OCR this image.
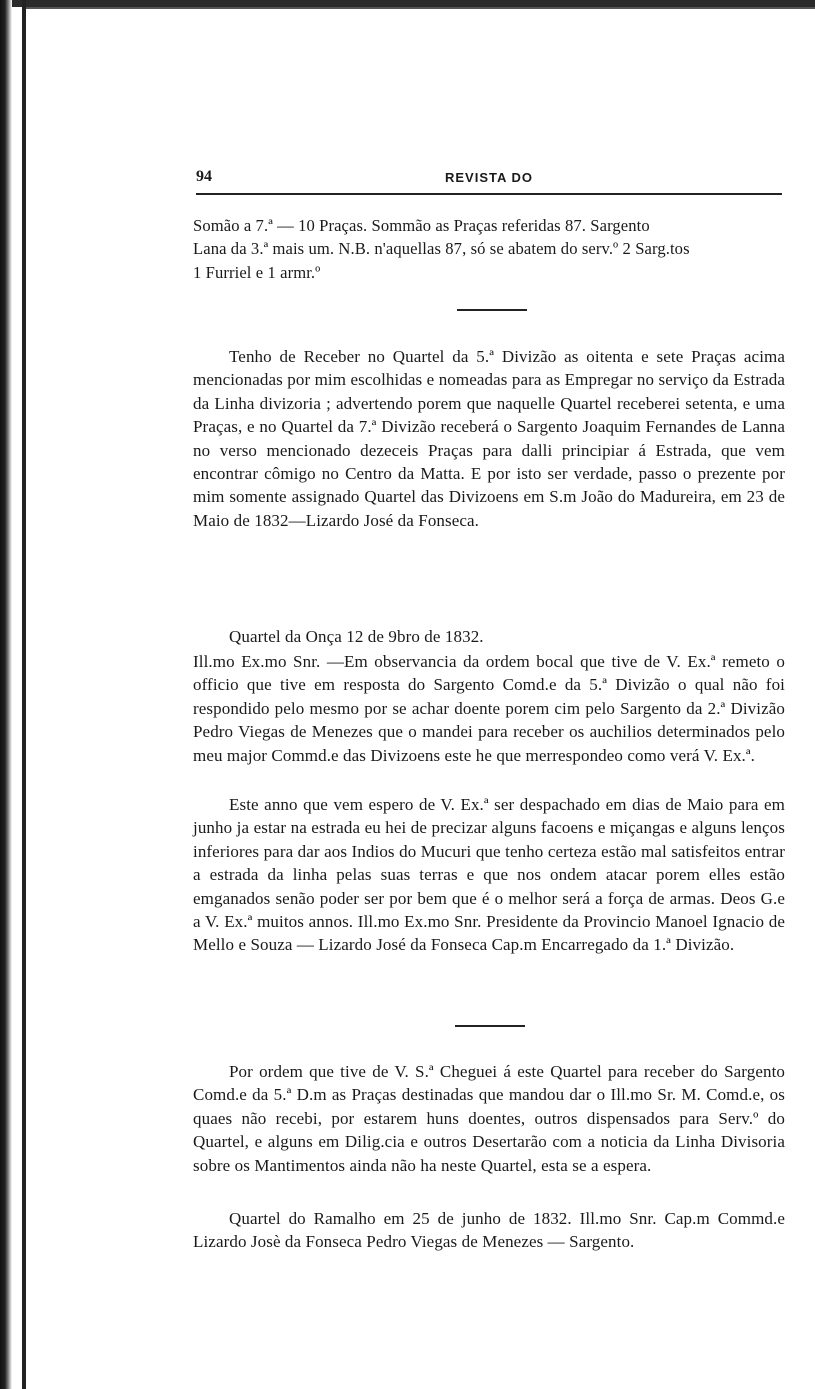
94	REVISTA DO

Somão a 7.ª — 10 Praças. Sommão as Praças referidas 87. Sargento
Lana da 3.ª mais um. N.B. n'aquellas 87, só se abatem do serv.º 2 Sarg.tos
1 Furriel e 1 armr.º

Tenho de Receber no Quartel da 5.ª Divizão as oitenta e sete Praças acima mencionadas por mim escolhidas e nomeadas para as Empregar no serviço da Estrada da Linha divizoria ; advertendo porem que naquelle Quartel receberei setenta, e uma Praças, e no Quartel da 7.ª Divizão receberá o Sargento Joaquim Fernandes de Lanna no verso mencionado dezeceis Praças para dalli principiar á Estrada, que vem encontrar cômigo no Centro da Matta. E por isto ser verdade, passo o prezente por mim somente assignado Quartel das Divizoens em S.m João do Madureira, em 23 de Maio de 1832—Lizardo José da Fonseca.

Quartel da Onça 12 de 9bro de 1832.

Ill.mo Ex.mo Snr. —Em observancia da ordem bocal que tive de V. Ex.ª remeto o officio que tive em resposta do Sargento Comd.e da 5.ª Divizão o qual não foi respondido pelo mesmo por se achar doente porem cim pelo Sargento da 2.ª Divizão Pedro Viegas de Menezes que o mandei para receber os auchilios determinados pelo meu major Commd.e das Divizoens este he que merrespondeo como verá V. Ex.ª.

Este anno que vem espero de V. Ex.ª ser despachado em dias de Maio para em junho ja estar na estrada eu hei de precizar alguns facoens e miçangas e alguns lenços inferiores para dar aos Indios do Mucuri que tenho certeza estão mal satisfeitos entrar a estrada da linha pelas suas terras e que nos ondem atacar porem elles estão emganados senão poder ser por bem que é o melhor será a força de armas. Deos G.e a V. Ex.ª muitos annos. Ill.mo Ex.mo Snr. Presidente da Provincio Manoel Ignacio de Mello e Souza — Lizardo José da Fonseca Cap.m Encarregado da 1.ª Divizão.

Por ordem que tive de V. S.ª Cheguei á este Quartel para receber do Sargento Comd.e da 5.ª D.m as Praças destinadas que mandou dar o Ill.mo Sr. M. Comd.e, os quaes não recebi, por estarem huns doentes, outros dispensados para Serv.º do Quartel, e alguns em Dilig.cia e outros Desertarão com a noticia da Linha Divisoria sobre os Mantimentos ainda não ha neste Quartel, esta se a espera.

Quartel do Ramalho em 25 de junho de 1832. Ill.mo Snr. Cap.m Commd.e Lizardo Josè da Fonseca Pedro Viegas de Menezes — Sargento.
